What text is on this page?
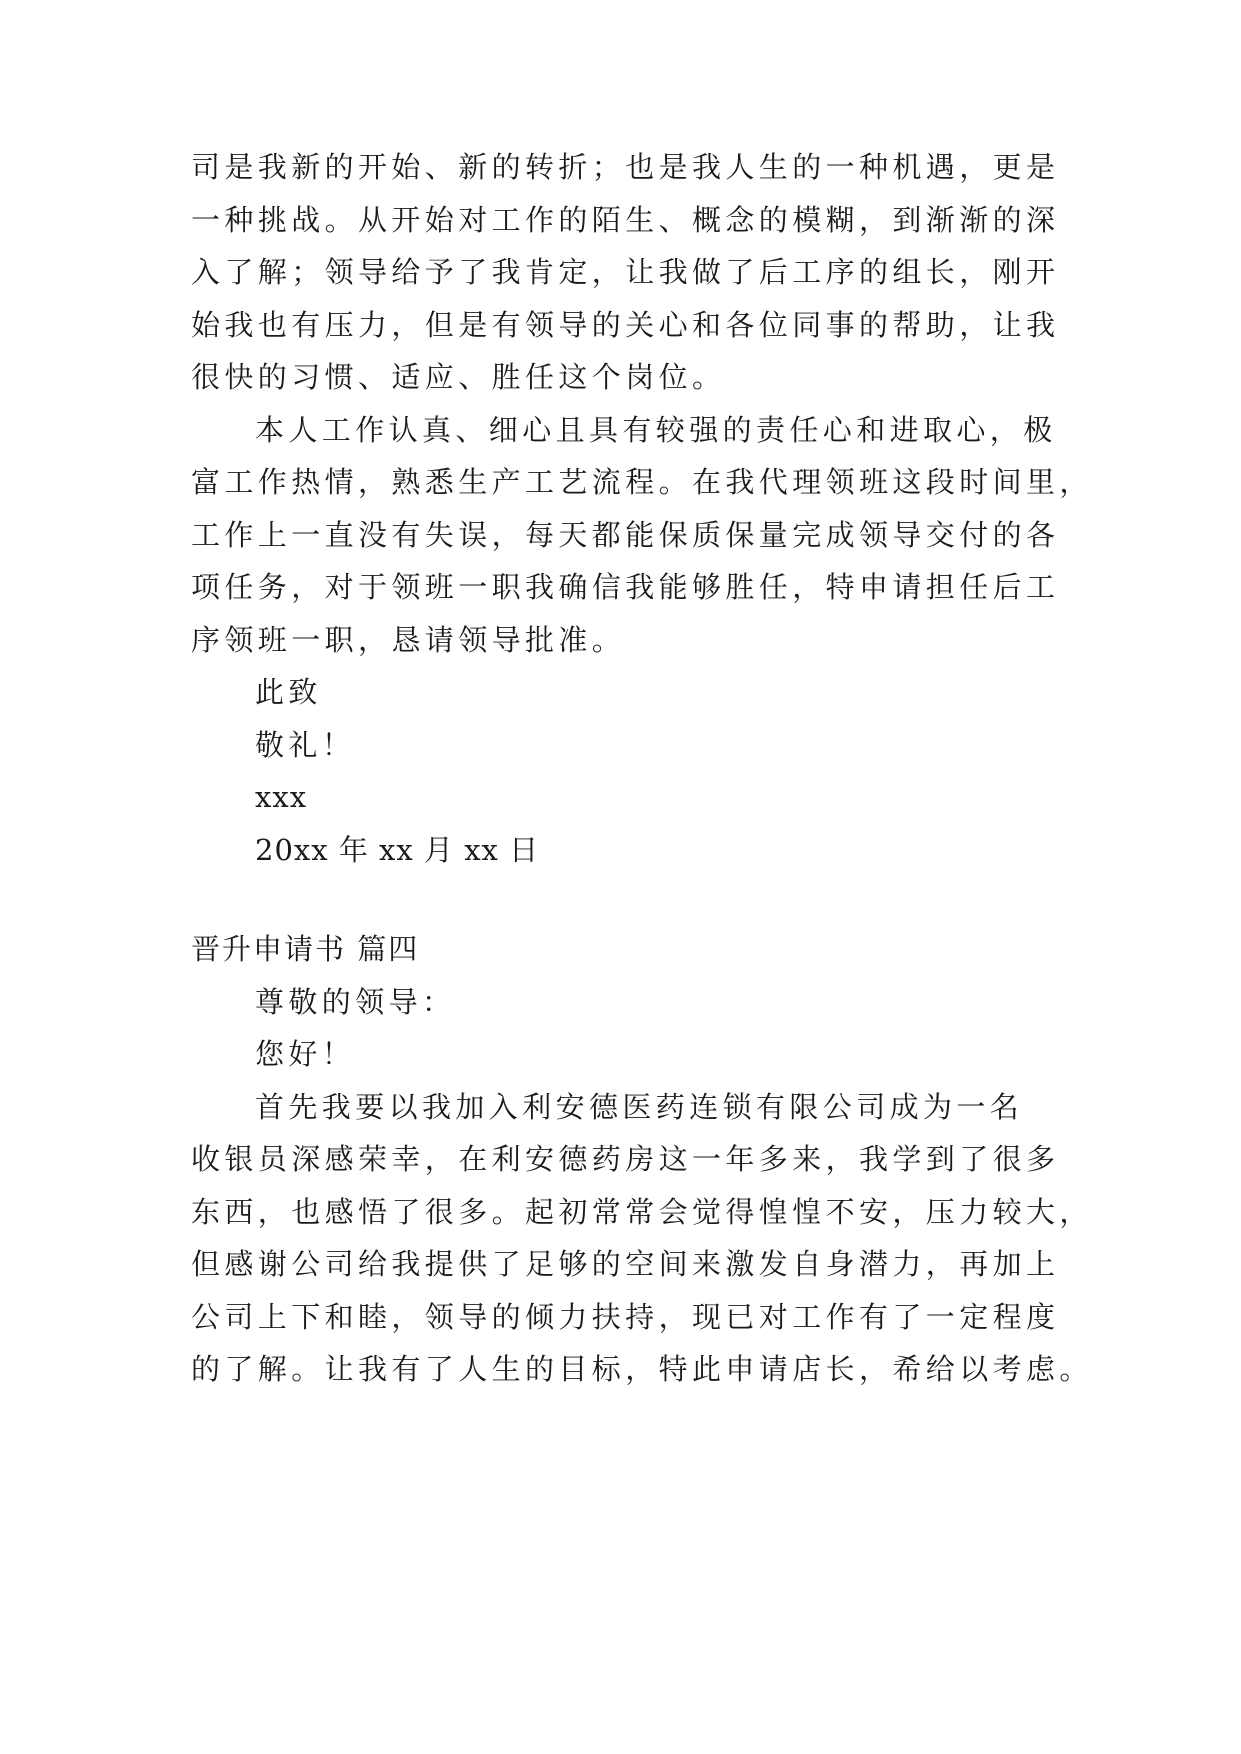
司是我新的开始、新的转折；也是我人生的一种机遇，更是
一种挑战。从开始对工作的陌生、概念的模糊，到渐渐的深
入了解；领导给予了我肯定，让我做了后工序的组长，刚开
始我也有压力，但是有领导的关心和各位同事的帮助，让我
很快的习惯、适应、胜任这个岗位。
本人工作认真、细心且具有较强的责任心和进取心，极
富工作热情，熟悉生产工艺流程。在我代理领班这段时间里，
工作上一直没有失误，每天都能保质保量完成领导交付的各
项任务，对于领班一职我确信我能够胜任，特申请担任后工
序领班一职，恳请领导批准。
此致
敬礼！
xxx
20xx 年 xx 月 xx 日
晋升申请书 篇四
尊敬的领导：
您好！
首先我要以我加入利安德医药连锁有限公司成为一名
收银员深感荣幸，在利安德药房这一年多来，我学到了很多
东西，也感悟了很多。起初常常会觉得惶惶不安，压力较大，
但感谢公司给我提供了足够的空间来激发自身潜力，再加上
公司上下和睦，领导的倾力扶持，现已对工作有了一定程度
的了解。让我有了人生的目标，特此申请店长，希给以考虑。
